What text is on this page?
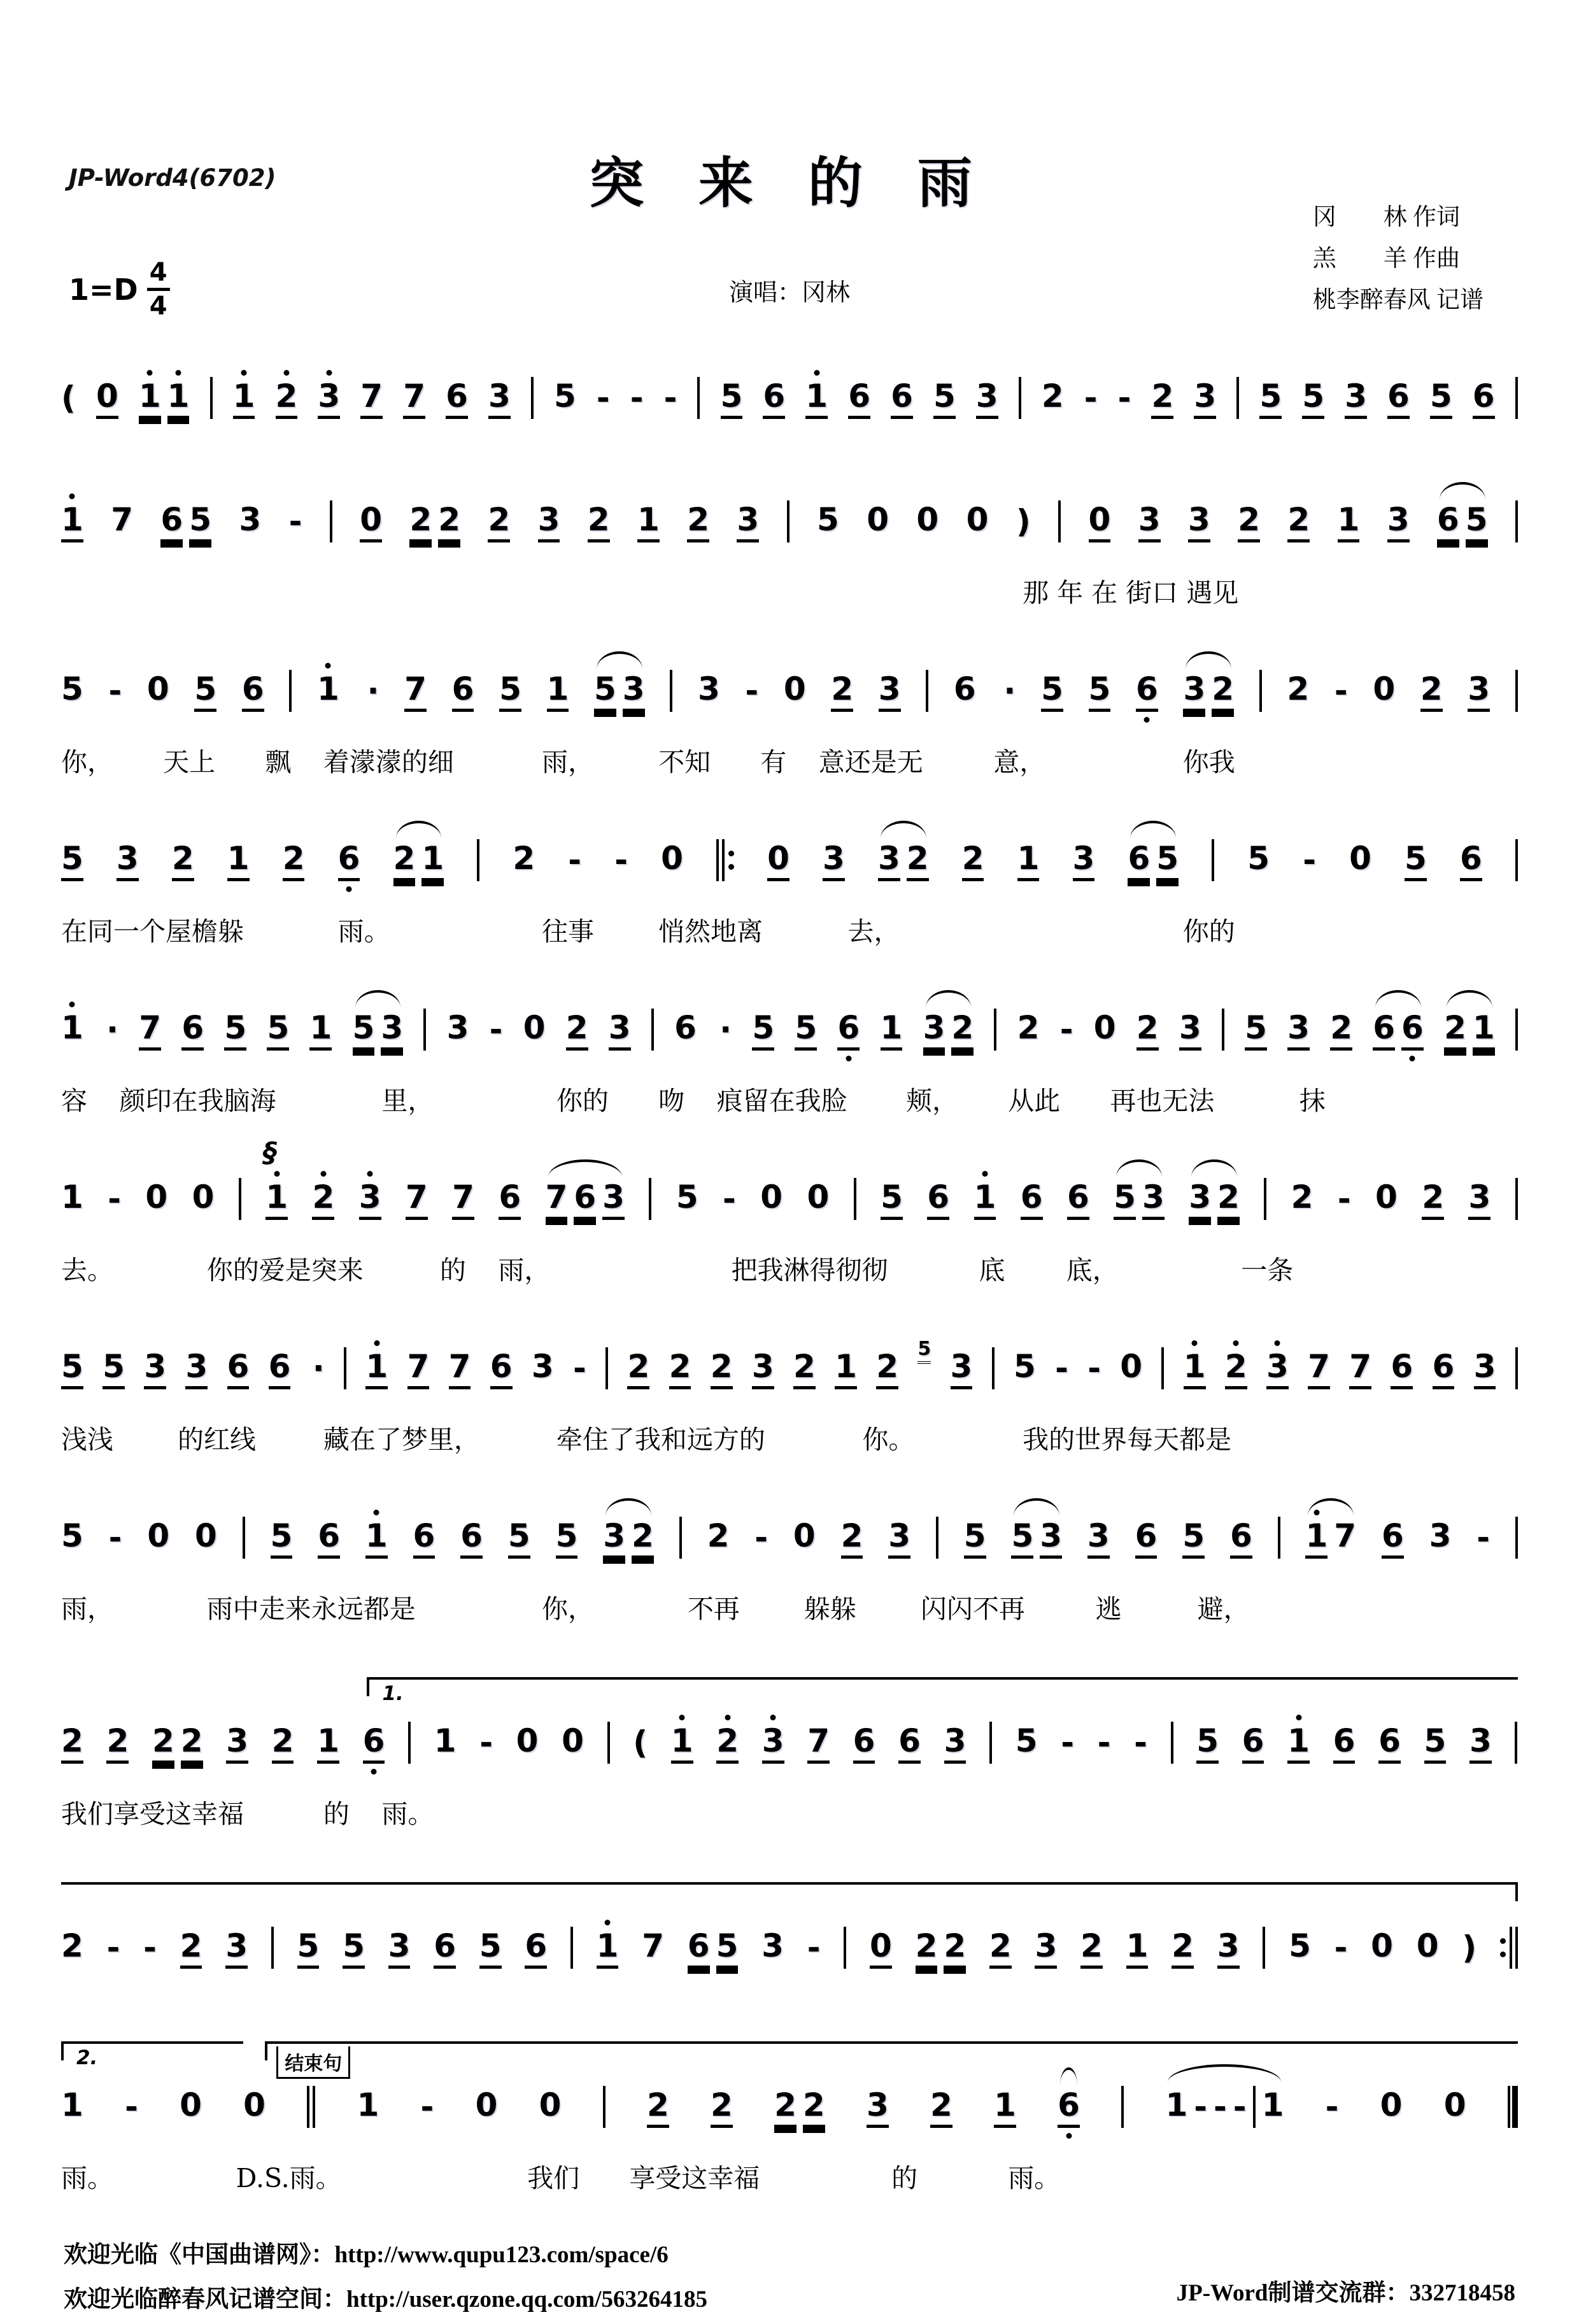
JP-Word4(6702)	突 来 的 雨
冈　　林 作词
羔　　羊 作曲
桃李醉春风 记谱
$1=D \frac{4}{4}$	演唱：冈林
( 0 1 1 1 2 3 7 7 6 3 5 - - - 5 6 1 6 6 5 3 2 - - 2 3 5 5 3 6 5 6
1 7 6 5 3 - 0 2 2 2 3 2 1 2 3 5 0 0 0 ) 0 3 3 2 2 1 3 6 5
那 年 在 街口 遇见
5 - 0 5 6 1 · 7 6 5 1 5 3 3 - 0 2 3 6 · 5 5 6 3 2 2 - 0 2 3
你， 天上 飘 着濛濛的细	雨， 不知 有 意还是无	意，	你我
5 3 2 1 2 6 2 1 2 - - 0	0 3 3 2 2 1 3 6 5 5 - 0 5 6
在同一个屋檐躲	雨。	往事 悄然地离	去，	你的
1 · 7 6 5 5 1 5 3 3 - 0 2 3 6 · 5 5 6 1 3 2 2 - 0 2 3 5 3 2 6 6 2 1
容 颜印在我脑海	里，	你的 吻 痕留在我脸 颊， 从此 再也无法	抹
1 - 0 0 1
§
2 3 7 7 6 7 6 3 5 - 0 0 5 6 1 6 6 5 3 3 2 2 - 0 2 3
去。	你的爱是突来	的 雨，	把我淋得彻彻	底 底，	一条
5 5 3 3 6 6 · 1 7 7 6 3 - 2 2 2 3 2 1 2 5 3 5 - - 0 1 2 3 7 7 6 6 3
浅浅 的红线	藏在了梦里，	牵住了我和远方的	你。	我的世界每天都是
5 - 0 0 5 6 1 6 6 5 5 3 2 2 - 0 2 3 5 5 3 3 6 5 6 1 7 6 3 -
雨，	雨中走来永远都是	你，	不再 躲躲 闪闪不再	逃	避，
1.
2 2 2 2 3 2 1 6 1 - 0 0 ( 1 2 3 7 6 6 3 5 - - - 5 6 1 6 6 5 3
我们享受这幸福	的 雨。
2 - - 2 3 5 5 3 6 5 6 1 7 6 5 3 - 0 2 2 2 3 2 1 2 3 5 - 0 0 )
2.	结束句
1 - 0 0	1 - 0 0	2 2 2 2 3 2 1 6	1 - - - 1 - 0 0
雨。	D.S.雨。	我们 享受这幸福	的	雨。
欢迎光临《中国曲谱网》：http://www.qupu123.com/space/6
欢迎光临醉春风记谱空间：http://user.qzone.qq.com/563264185	JP-Word制谱交流群：332718458
